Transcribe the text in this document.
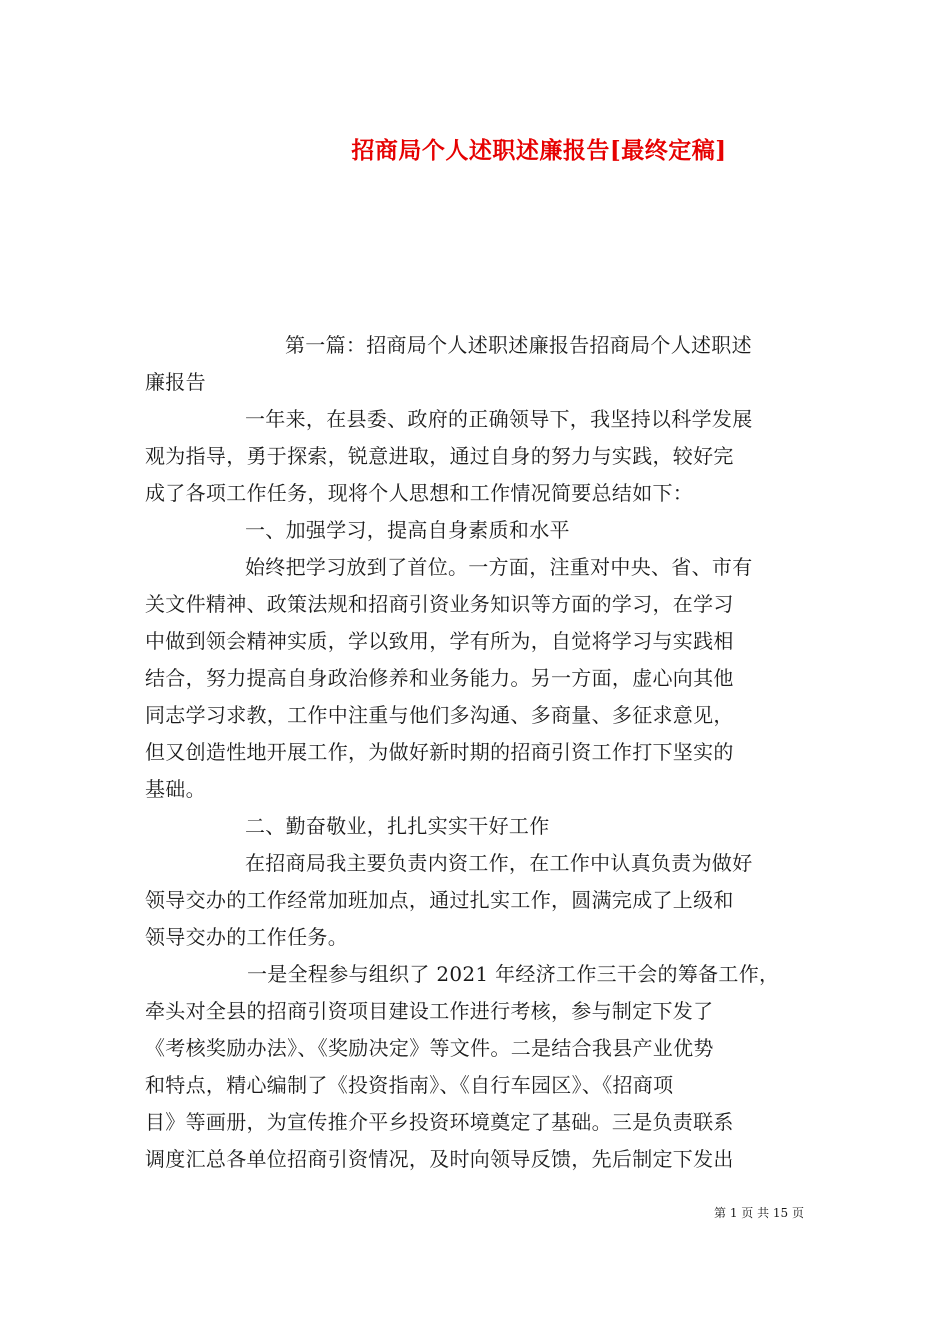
招商局个人述职述廉报告[最终定稿]
第一篇：招商局个人述职述廉报告招商局个人述职述
廉报告
一年来，在县委、政府的正确领导下，我坚持以科学发展
观为指导，勇于探索，锐意进取，通过自身的努力与实践，较好完
成了各项工作任务，现将个人思想和工作情况简要总结如下：
一、加强学习，提高自身素质和水平
始终把学习放到了首位。一方面，注重对中央、省、市有
关文件精神、政策法规和招商引资业务知识等方面的学习，在学习
中做到领会精神实质，学以致用，学有所为，自觉将学习与实践相
结合，努力提高自身政治修养和业务能力。另一方面，虚心向其他
同志学习求教，工作中注重与他们多沟通、多商量、多征求意见，
但又创造性地开展工作，为做好新时期的招商引资工作打下坚实的
基础。
二、勤奋敬业，扎扎实实干好工作
在招商局我主要负责内资工作，在工作中认真负责为做好
领导交办的工作经常加班加点，通过扎实工作，圆满完成了上级和
领导交办的工作任务。
一是全程参与组织了 2021 年经济工作三干会的筹备工作，
牵头对全县的招商引资项目建设工作进行考核，参与制定下发了
《考核奖励办法》、《奖励决定》等文件。二是结合我县产业优势
和特点，精心编制了《投资指南》、《自行车园区》、《招商项
目》等画册，为宣传推介平乡投资环境奠定了基础。三是负责联系
调度汇总各单位招商引资情况，及时向领导反馈，先后制定下发出
第 1 页 共 15 页
